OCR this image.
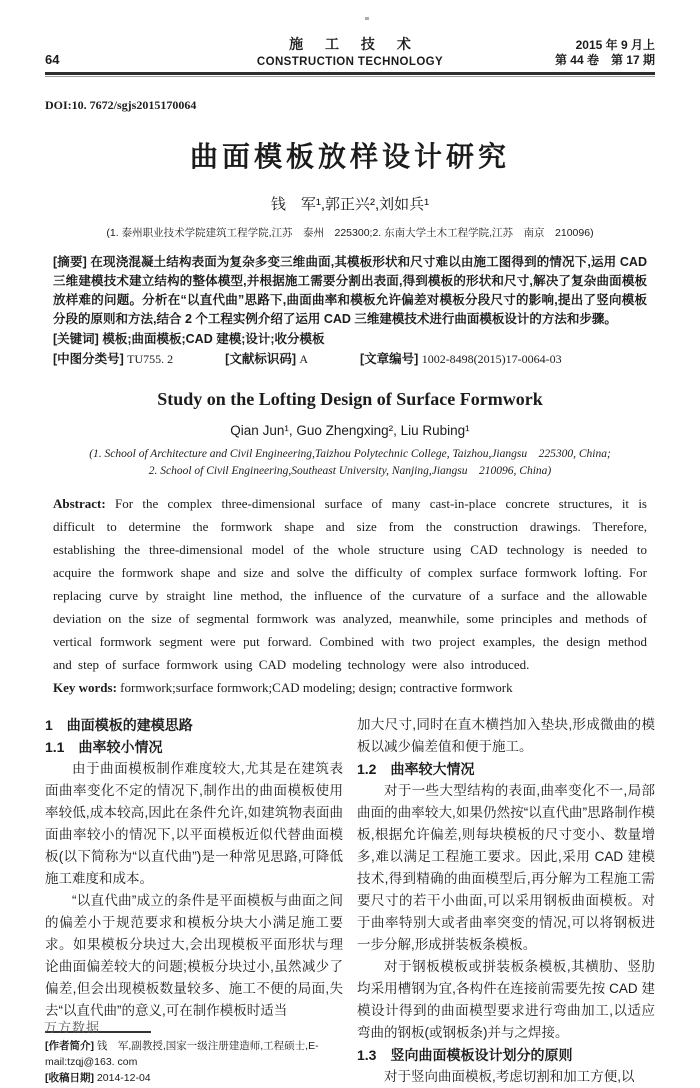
64
施 工 技 术
CONSTRUCTION TECHNOLOGY
2015 年 9 月上
第 44 卷　第 17 期
DOI:10. 7672/sgjs2015170064
曲面模板放样设计研究
钱　军¹,郭正兴²,刘如兵¹
(1. 泰州职业技术学院建筑工程学院,江苏　泰州　225300;2. 东南大学土木工程学院,江苏　南京　210096)
[摘要] 在现浇混凝土结构表面为复杂多变三维曲面,其模板形状和尺寸难以由施工图得到的情况下,运用 CAD 三维建模技术建立结构的整体模型,并根据施工需要分割出表面,得到模板的形状和尺寸,解决了复杂曲面模板放样难的问题。分析在“以直代曲”思路下,曲面曲率和模板允许偏差对模板分段尺寸的影响,提出了竖向模板分段的原则和方法,结合 2 个工程实例介绍了运用 CAD 三维建模技术进行曲面模板设计的方法和步骤。
[关键词] 模板;曲面模板;CAD 建模;设计;收分模板
[中图分类号] TU755. 2	[文献标识码] A	[文章编号] 1002-8498(2015)17-0064-03
Study on the Lofting Design of Surface Formwork
Qian Jun¹, Guo Zhengxing², Liu Rubing¹
(1. School of Architecture and Civil Engineering,Taizhou Polytechnic College, Taizhou,Jiangsu　225300, China;
2. School of Civil Engineering,Southeast University, Nanjing,Jiangsu　210096, China)
Abstract: For the complex three-dimensional surface of many cast-in-place concrete structures, it is difficult to determine the formwork shape and size from the construction drawings. Therefore, establishing the three-dimensional model of the whole structure using CAD technology is needed to acquire the formwork shape and size and solve the difficulty of complex surface formwork lofting. For replacing curve by straight line method, the influence of the curvature of a surface and the allowable deviation on the size of segmental formwork was analyzed, meanwhile, some principles and methods of vertical formwork segment were put forward. Combined with two project examples, the design method and step of surface formwork using CAD modeling technology were also introduced.
Key words: formwork;surface formwork;CAD modeling; design; contractive formwork
1　曲面模板的建模思路
1.1　曲率较小情况

由于曲面模板制作难度较大,尤其是在建筑表面曲率变化不定的情况下,制作出的曲面模板使用率较低,成本较高,因此在条件允许,如建筑物表面曲面曲率较小的情况下,以平面模板近似代替曲面模板(以下简称为“以直代曲”)是一种常见思路,可降低施工难度和成本。

“以直代曲”成立的条件是平面模板与曲面之间的偏差小于规范要求和模板分块大小满足施工要求。如果模板分块过大,会出现模板平面形状与理论曲面偏差较大的问题;模板分块过小,虽然减少了偏差,但会出现模板数量较多、施工不便的局面,失去“以直代曲”的意义,可在制作模板时适当

[作者简介] 钱　军,副教授,国家一级注册建造师,工程硕士,E-mail:tzqj@163. com
[收稿日期] 2014-12-04

加大尺寸,同时在直木横挡加入垫块,形成微曲的模板以减少偏差值和便于施工。

1.2　曲率较大情况

对于一些大型结构的表面,曲率变化不一,局部曲面的曲率较大,如果仍然按“以直代曲”思路制作模板,根据允许偏差,则每块模板的尺寸变小、数量增多,难以满足工程施工要求。因此,采用 CAD 建模技术,得到精确的曲面模型后,再分解为工程施工需要尺寸的若干小曲面,可以采用钢板曲面模板。对于曲率特别大或者曲率突变的情况,可以将钢板进一步分解,形成拼装板条模板。

对于钢板模板或拼装板条模板,其横肋、竖肋均采用槽钢为宜,各构件在连接前需要先按 CAD 建模设计得到的曲面模型要求进行弯曲加工,以适应弯曲的钢板(或钢板条)并与之焊接。

1.3　竖向曲面模板设计划分的原则

对于竖向曲面模板,考虑切割和加工方便,以

万方数据
